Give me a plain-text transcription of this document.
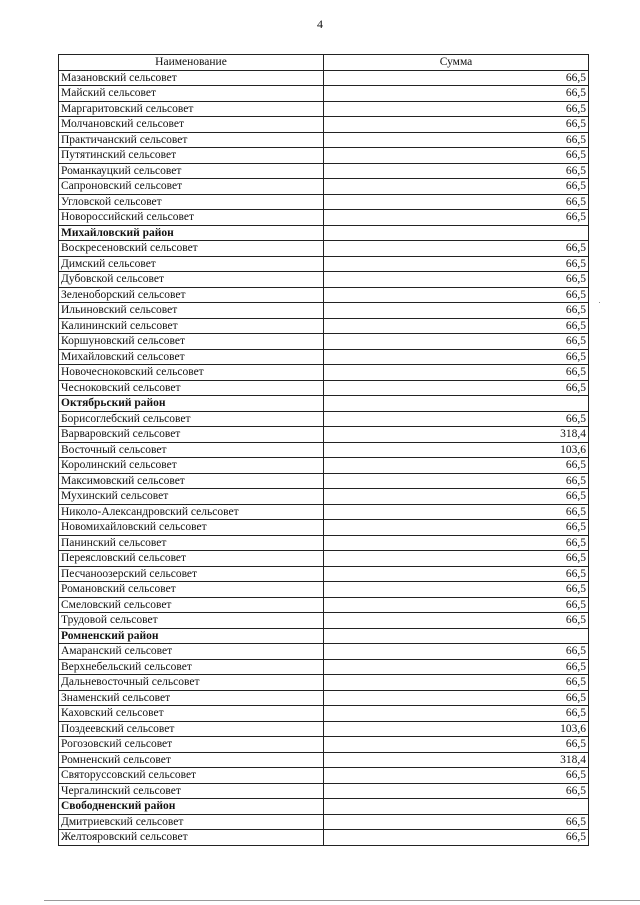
4
Наименование	Сумма
Мазановский сельсовет	66,5
Майский сельсовет	66,5
Маргаритовский сельсовет	66,5
Молчановский сельсовет	66,5
Практичанский сельсовет	66,5
Путятинский сельсовет	66,5
Романкауцкий сельсовет	66,5
Сапроновский сельсовет	66,5
Угловской сельсовет	66,5
Новороссийский сельсовет	66,5
Михайловский район	
Воскресеновский сельсовет	66,5
Димский сельсовет	66,5
Дубовской сельсовет	66,5
Зеленоборский сельсовет	66,5
Ильиновский сельсовет	66,5
Калининский сельсовет	66,5
Коршуновский сельсовет	66,5
Михайловский сельсовет	66,5
Новочесноковский сельсовет	66,5
Чесноковский сельсовет	66,5
Октябрьский район	
Борисоглебский сельсовет	66,5
Варваровский сельсовет	318,4
Восточный сельсовет	103,6
Королинский сельсовет	66,5
Максимовский сельсовет	66,5
Мухинский сельсовет	66,5
Николо-Александровский сельсовет	66,5
Новомихайловский сельсовет	66,5
Панинский сельсовет	66,5
Переясловский сельсовет	66,5
Песчаноозерский сельсовет	66,5
Романовский сельсовет	66,5
Смеловский сельсовет	66,5
Трудовой сельсовет	66,5
Ромненский район	
Амаранский сельсовет	66,5
Верхнебельский сельсовет	66,5
Дальневосточный сельсовет	66,5
Знаменский сельсовет	66,5
Каховский сельсовет	66,5
Поздеевский сельсовет	103,6
Рогозовский сельсовет	66,5
Ромненский сельсовет	318,4
Святоруссовский сельсовет	66,5
Чергалинский сельсовет	66,5
Свободненский район	
Дмитриевский сельсовет	66,5
Желтояровский сельсовет	66,5
